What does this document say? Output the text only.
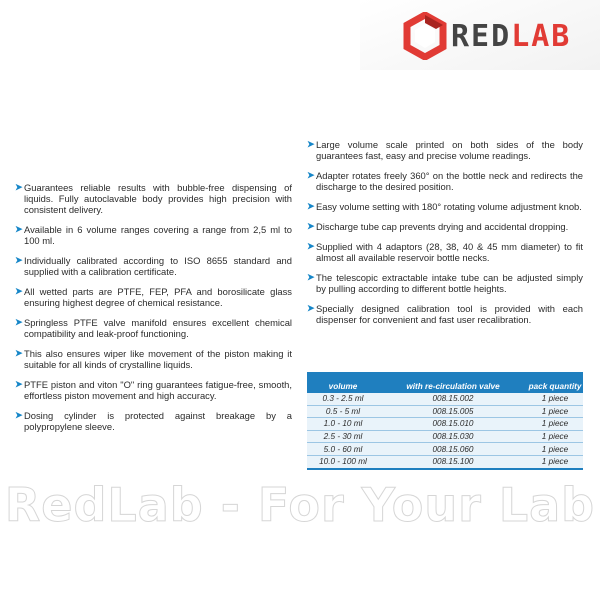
REDLAB
➤ Guarantees reliable results with bubble-free dispensing of liquids. Fully autoclavable body provides high precision with consistent delivery.
➤ Available in 6 volume ranges covering a range from 2,5 ml to 100 ml.
➤ Individually calibrated according to ISO 8655 standard and supplied with a calibration certificate.
➤ All wetted parts are PTFE, FEP, PFA and borosilicate glass ensuring highest degree of chemical resistance.
➤ Springless PTFE valve manifold ensures excellent chemical compatibility and leak-proof functioning.
➤ This also ensures wiper like movement of the piston making it suitable for all kinds of crystalline liquids.
➤ PTFE piston and viton "O" ring guarantees fatigue-free, smooth, effortless piston movement and high accuracy.
➤ Dosing cylinder is protected against breakage by a polypropylene sleeve.
➤ Large volume scale printed on both sides of the body guarantees fast, easy and precise volume readings.
➤ Adapter rotates freely 360° on the bottle neck and redirects the discharge to the desired position.
➤ Easy volume setting with 180° rotating volume adjustment knob.
➤ Discharge tube cap prevents drying and accidental dropping.
➤ Supplied with 4 adaptors (28, 38, 40 & 45 mm diameter) to fit almost all available reservoir bottle necks.
➤ The telescopic extractable intake tube can be adjusted simply by pulling according to different bottle heights.
➤ Specially designed calibration tool is provided with each dispenser for convenient and fast user recalibration.
volume	with re-circulation valve	pack quantity
0.3 - 2.5 ml	008.15.002	1 piece
0.5 - 5 ml	008.15.005	1 piece
1.0 - 10 ml	008.15.010	1 piece
2.5 - 30 ml	008.15.030	1 piece
5.0 - 60 ml	008.15.060	1 piece
10.0 - 100 ml	008.15.100	1 piece
RedLab - For Your Lab
